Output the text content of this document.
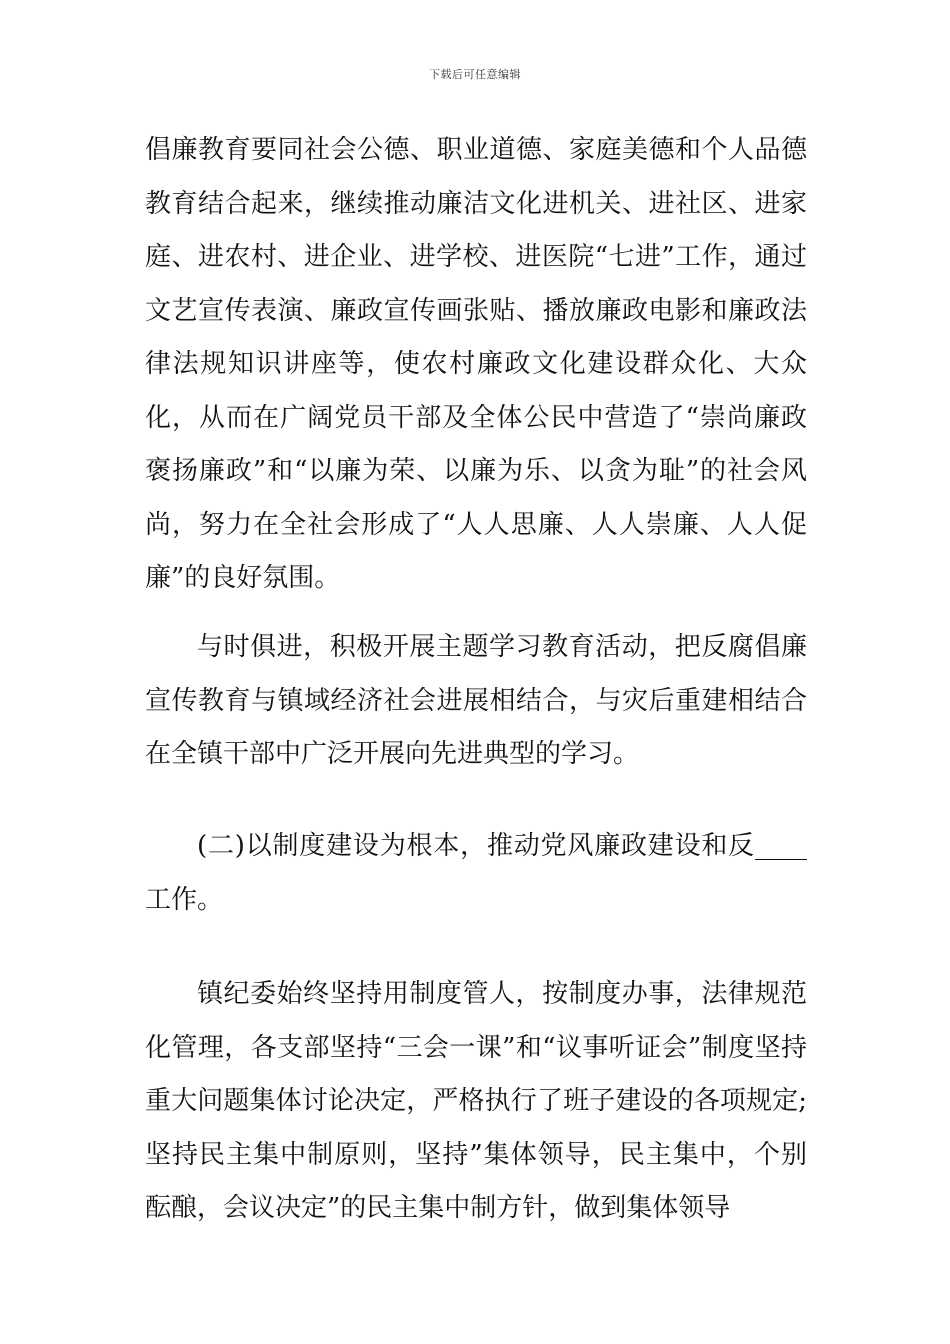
下载后可任意编辑

倡廉教育要同社会公德、职业道德、家庭美德和个人品德教育结合起来，继续推动廉洁文化进机关、进社区、进家庭、进农村、进企业、进学校、进医院“七进”工作，通过文艺宣传表演、廉政宣传画张贴、播放廉政电影和廉政法律法规知识讲座等，使农村廉政文化建设群众化、大众化，从而在广阔党员干部及全体公民中营造了“崇尚廉政褒扬廉政”和“以廉为荣、以廉为乐、以贪为耻”的社会风尚，努力在全社会形成了“人人思廉、人人崇廉、人人促廉”的良好氛围。

与时俱进，积极开展主题学习教育活动，把反腐倡廉宣传教育与镇域经济社会进展相结合，与灾后重建相结合在全镇干部中广泛开展向先进典型的学习。

(二)以制度建设为根本，推动党风廉政建设和反____工作。

镇纪委始终坚持用制度管人，按制度办事，法律规范化管理，各支部坚持“三会一课”和“议事听证会”制度坚持重大问题集体讨论决定，严格执行了班子建设的各项规定;坚持民主集中制原则，坚持”集体领导，民主集中，个别酝酿，会议决定”的民主集中制方针，做到集体领导
